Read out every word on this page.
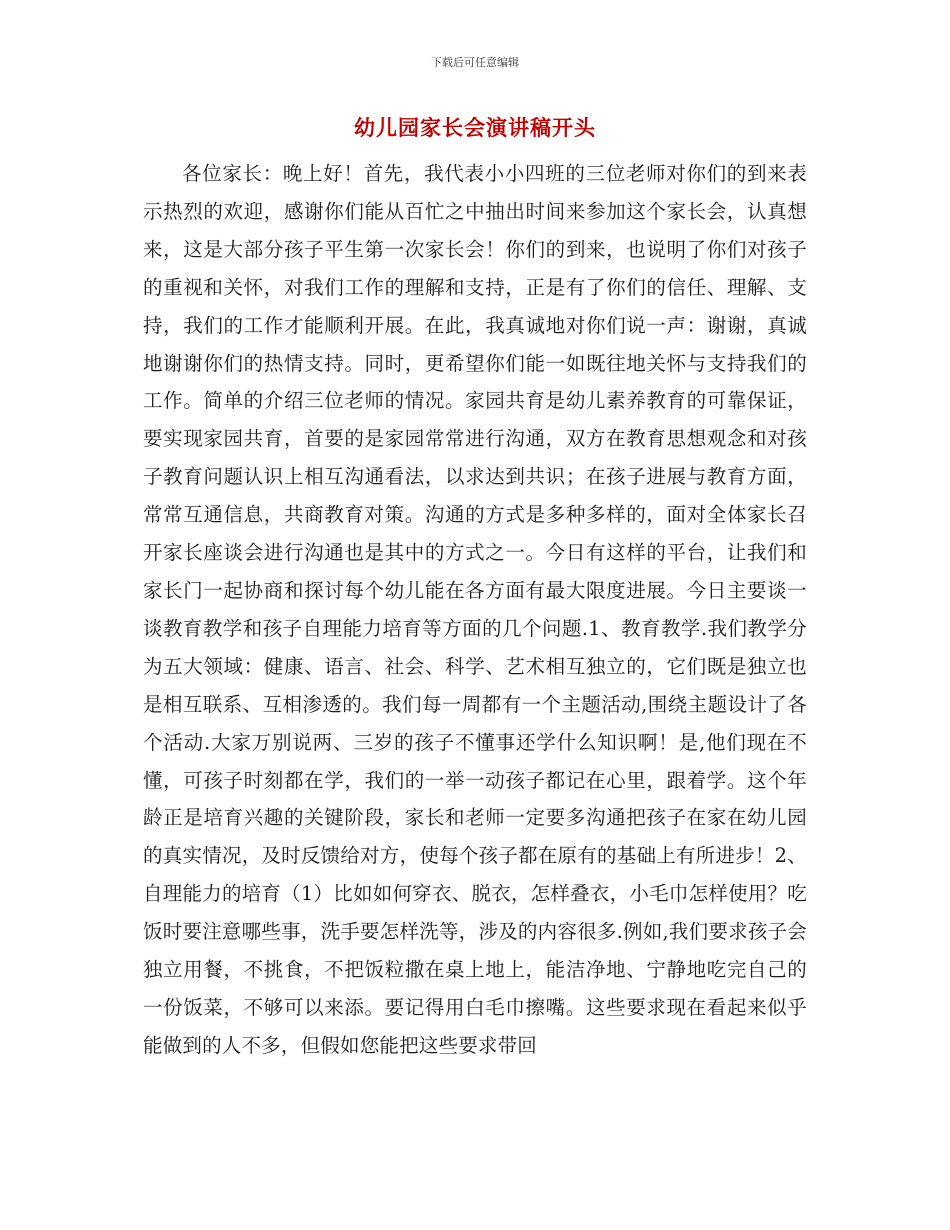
下载后可任意编辑
幼儿园家长会演讲稿开头

各位家长：晚上好！首先，我代表小小四班的三位老师对你们的到来表示热烈的欢迎，感谢你们能从百忙之中抽出时间来参加这个家长会，认真想来，这是大部分孩子平生第一次家长会！你们的到来，也说明了你们对孩子的重视和关怀，对我们工作的理解和支持，正是有了你们的信任、理解、支持，我们的工作才能顺利开展。在此，我真诚地对你们说一声：谢谢，真诚地谢谢你们的热情支持。同时，更希望你们能一如既往地关怀与支持我们的工作。简单的介绍三位老师的情况。家园共育是幼儿素养教育的可靠保证，要实现家园共育，首要的是家园常常进行沟通，双方在教育思想观念和对孩子教育问题认识上相互沟通看法，以求达到共识；在孩子进展与教育方面，常常互通信息，共商教育对策。沟通的方式是多种多样的，面对全体家长召开家长座谈会进行沟通也是其中的方式之一。今日有这样的平台，让我们和家长门一起协商和探讨每个幼儿能在各方面有最大限度进展。今日主要谈一谈教育教学和孩子自理能力培育等方面的几个问题.1、教育教学.我们教学分为五大领域：健康、语言、社会、科学、艺术相互独立的，它们既是独立也是相互联系、互相渗透的。我们每一周都有一个主题活动,围绕主题设计了各个活动.大家万别说两、三岁的孩子不懂事还学什么知识啊！是,他们现在不懂，可孩子时刻都在学，我们的一举一动孩子都记在心里，跟着学。这个年龄正是培育兴趣的关键阶段，家长和老师一定要多沟通把孩子在家在幼儿园的真实情况，及时反馈给对方，使每个孩子都在原有的基础上有所进步！2、自理能力的培育（1）比如如何穿衣、脱衣，怎样叠衣，小毛巾怎样使用？吃饭时要注意哪些事，洗手要怎样洗等，涉及的内容很多.例如,我们要求孩子会独立用餐，不挑食，不把饭粒撒在桌上地上，能洁净地、宁静地吃完自己的一份饭菜，不够可以来添。要记得用白毛巾擦嘴。这些要求现在看起来似乎能做到的人不多，但假如您能把这些要求带回
